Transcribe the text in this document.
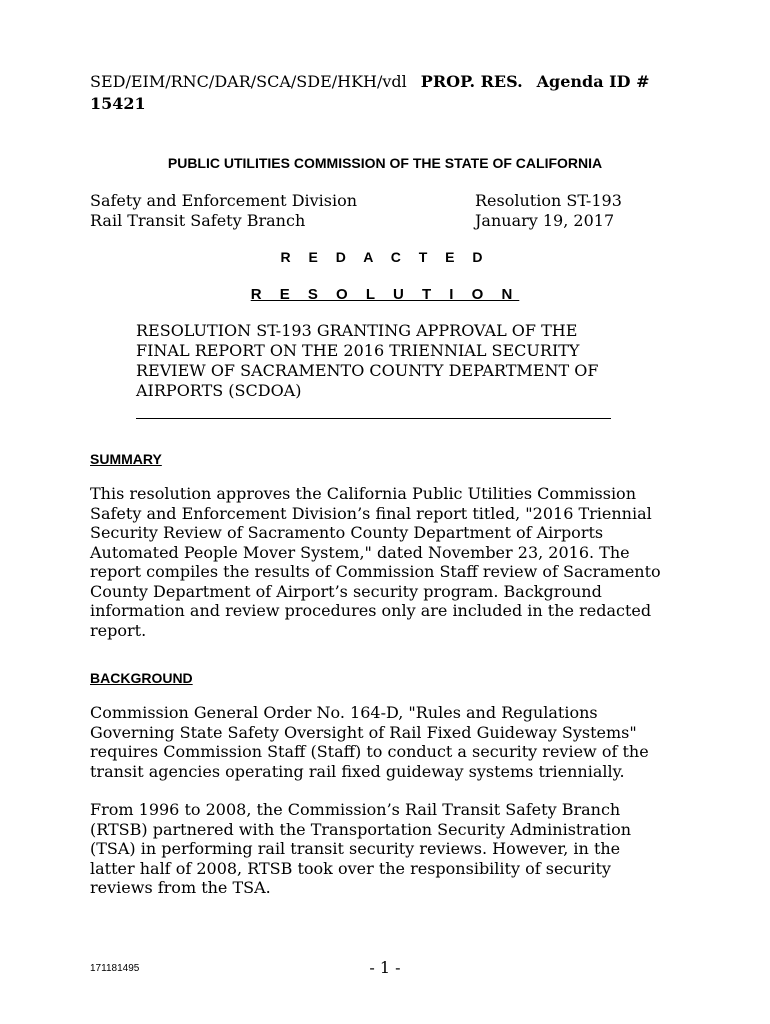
SED/EIM/RNC/DAR/SCA/SDE/HKH/vdl PROP. RES. Agenda ID #
15421
PUBLIC UTILITIES COMMISSION OF THE STATE OF CALIFORNIA
Safety and Enforcement Division
Rail Transit Safety Branch
Resolution ST-193
January 19, 2017
R E D A C T E D
R E S O L U T I O N
RESOLUTION ST-193 GRANTING APPROVAL OF THE
FINAL REPORT ON THE 2016 TRIENNIAL SECURITY
REVIEW OF SACRAMENTO COUNTY DEPARTMENT OF
AIRPORTS (SCDOA)
SUMMARY
This resolution approves the California Public Utilities Commission
Safety and Enforcement Division’s final report titled, "2016 Triennial
Security Review of Sacramento County Department of Airports
Automated People Mover System," dated November 23, 2016. The
report compiles the results of Commission Staff review of Sacramento
County Department of Airport’s security program. Background
information and review procedures only are included in the redacted
report.
BACKGROUND
Commission General Order No. 164-D, "Rules and Regulations
Governing State Safety Oversight of Rail Fixed Guideway Systems"
requires Commission Staff (Staff) to conduct a security review of the
transit agencies operating rail fixed guideway systems triennially.
From 1996 to 2008, the Commission’s Rail Transit Safety Branch
(RTSB) partnered with the Transportation Security Administration
(TSA) in performing rail transit security reviews. However, in the
latter half of 2008, RTSB took over the responsibility of security
reviews from the TSA.
171181495	- 1 -
